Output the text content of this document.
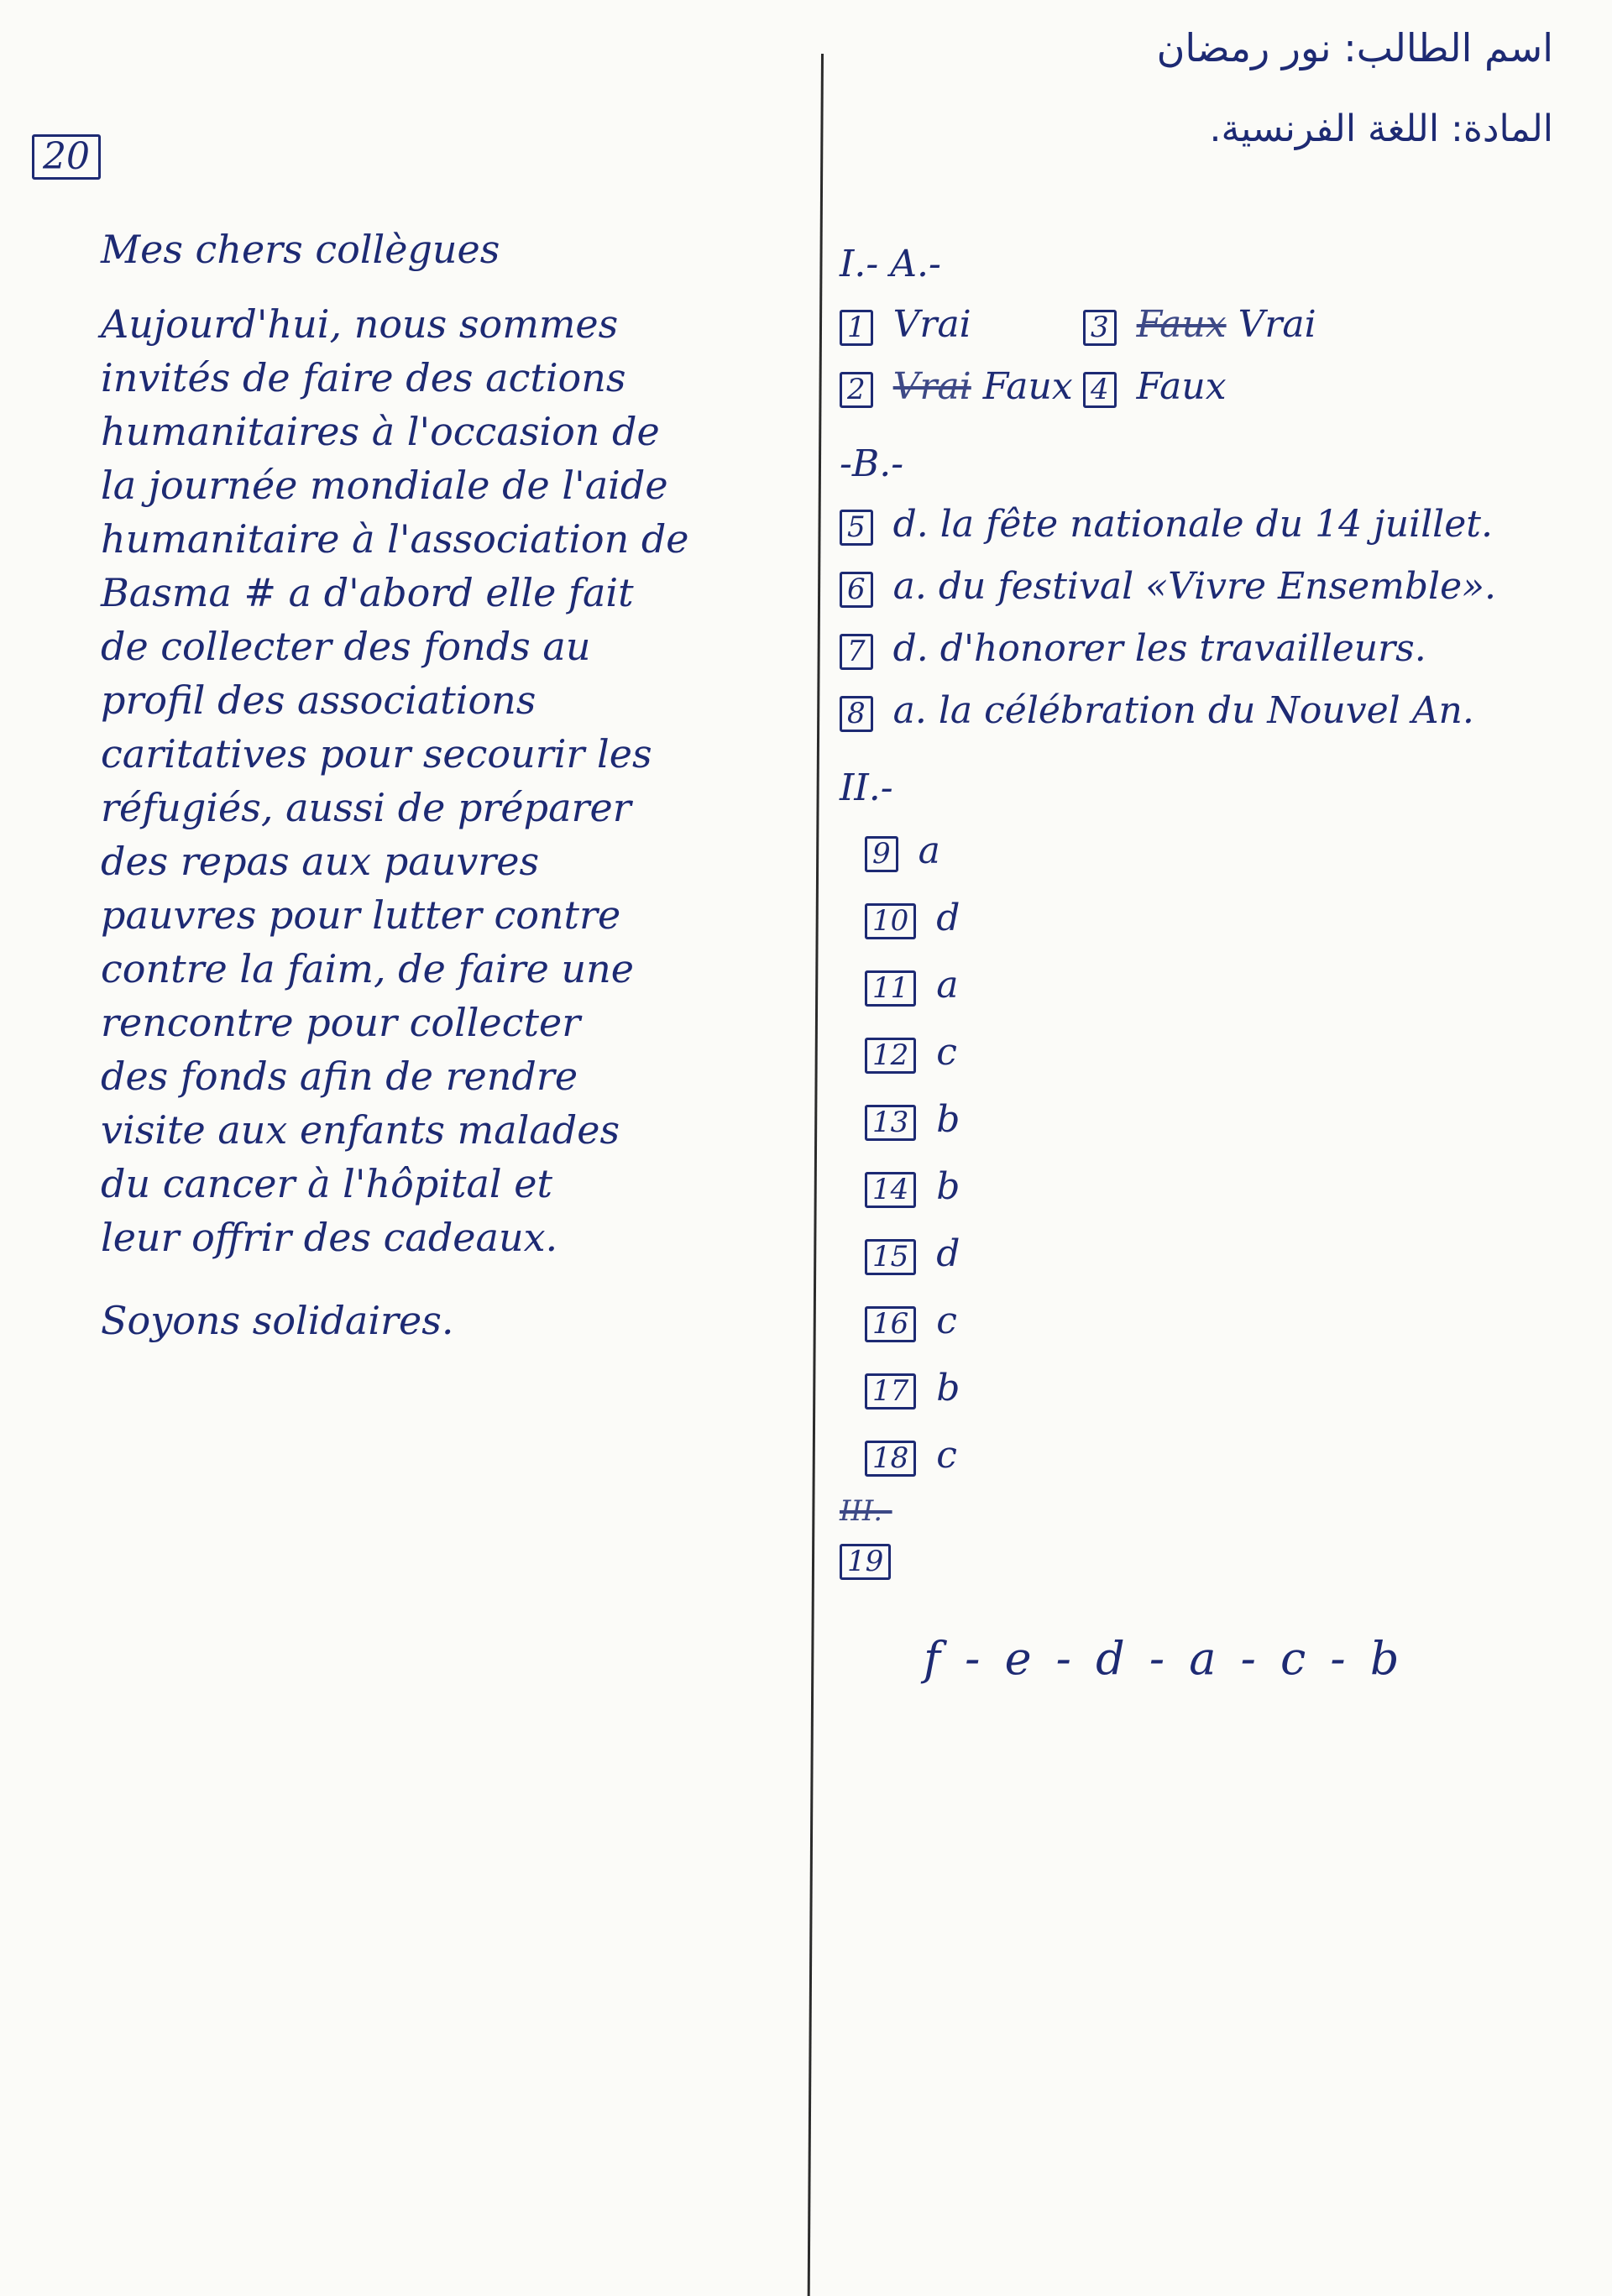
اسم الطالب: نور رمضان
المادة: اللغة الفرنسية.
20
Mes chers collègues
Aujourd'hui, nous sommes
invités de faire des actions
humanitaires à l'occasion de
la journée mondiale de l'aide
humanitaire à l'association de
Basma # a d'abord elle fait
de collecter des fonds au
profil des associations
caritatives pour secourir les
réfugiés, aussi de préparer
des repas aux pauvres
pauvres pour lutter contre
contre la faim, de faire une
rencontre pour collecter
des fonds afin de rendre
visite aux enfants malades
du cancer à l'hôpital et
leur offrir des cadeaux.
Soyons solidaires.
I.- A.-
1 Vrai	3 Faux Vrai
2 Vrai Faux 4 Faux
-B.-
5 d. la fête nationale du 14 juillet.
6 a. du festival «Vivre Ensemble».
7 d. d'honorer les travailleurs.
8 a. la célébration du Nouvel An.
II.-
9 a
10 d
11 a
12 c
13 b
14 b
15 d
16 c
17 b
18 c
III.-
19
f - e - d - a - c - b
